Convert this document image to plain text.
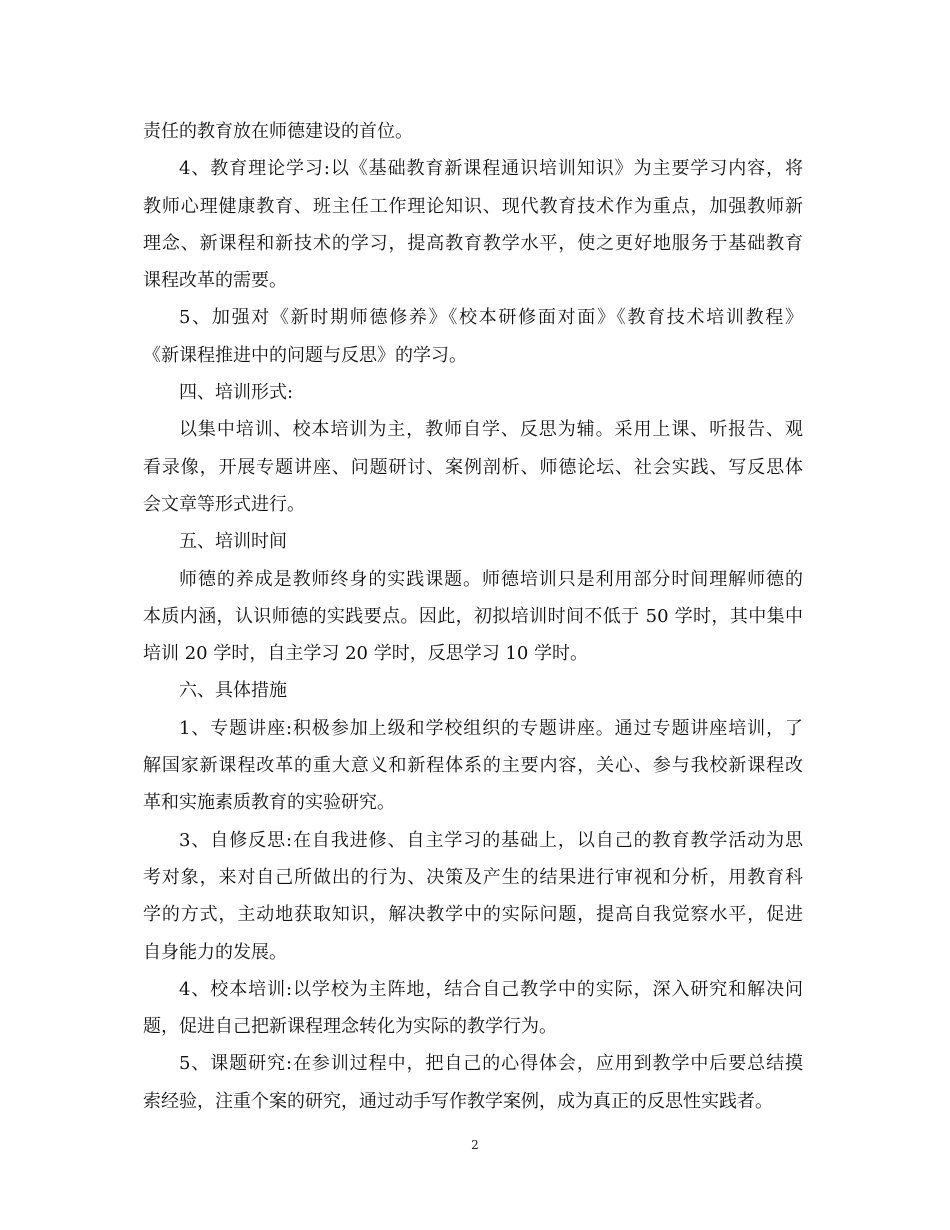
责任的教育放在师德建设的首位。
4、教育理论学习:以《基础教育新课程通识培训知识》为主要学习内容，将
教师心理健康教育、班主任工作理论知识、现代教育技术作为重点，加强教师新
理念、新课程和新技术的学习，提高教育教学水平，使之更好地服务于基础教育
课程改革的需要。
5、加强对《新时期师德修养》《校本研修面对面》《教育技术培训教程》
《新课程推进中的问题与反思》的学习。
四、培训形式:
以集中培训、校本培训为主，教师自学、反思为辅。采用上课、听报告、观
看录像，开展专题讲座、问题研讨、案例剖析、师德论坛、社会实践、写反思体
会文章等形式进行。
五、培训时间
师德的养成是教师终身的实践课题。师德培训只是利用部分时间理解师德的
本质内涵，认识师德的实践要点。因此，初拟培训时间不低于 50 学时，其中集中
培训 20 学时，自主学习 20 学时，反思学习 10 学时。
六、具体措施
1、专题讲座:积极参加上级和学校组织的专题讲座。通过专题讲座培训，了
解国家新课程改革的重大意义和新程体系的主要内容，关心、参与我校新课程改
革和实施素质教育的实验研究。
3、自修反思:在自我进修、自主学习的基础上，以自己的教育教学活动为思
考对象，来对自己所做出的行为、决策及产生的结果进行审视和分析，用教育科
学的方式，主动地获取知识，解决教学中的实际问题，提高自我觉察水平，促进
自身能力的发展。
4、校本培训:以学校为主阵地，结合自己教学中的实际，深入研究和解决问
题，促进自己把新课程理念转化为实际的教学行为。
5、课题研究:在参训过程中，把自己的心得体会，应用到教学中后要总结摸
索经验，注重个案的研究，通过动手写作教学案例，成为真正的反思性实践者。
2
